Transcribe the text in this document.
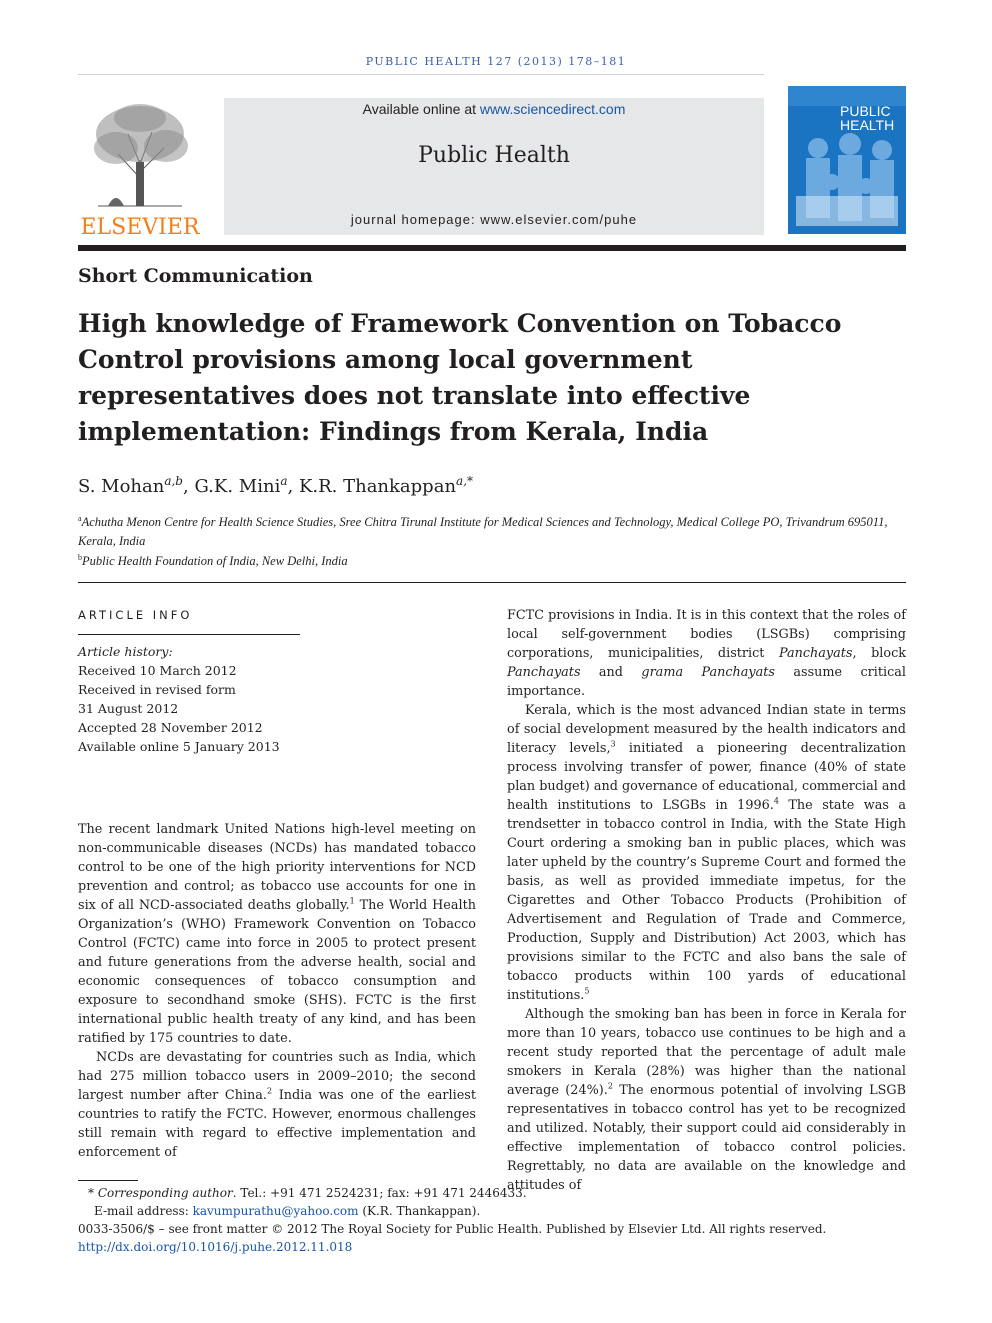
PUBLIC HEALTH 127 (2013) 178–181
ELSEVIER
Available online at www.sciencedirect.com
Public Health
journal homepage: www.elsevier.com/puhe
PUBLIC
HEALTH
Short Communication
High knowledge of Framework Convention on Tobacco Control provisions among local government representatives does not translate into effective implementation: Findings from Kerala, India
S. Mohan$^{a,b}$, G.K. Mini$^a$, K.R. Thankappan$^{a,*}$
$^a$Achutha Menon Centre for Health Science Studies, Sree Chitra Tirunal Institute for Medical Sciences and Technology, Medical College PO, Trivandrum 695011, Kerala, India
$^b$Public Health Foundation of India, New Delhi, India
ARTICLE INFO
Article history:
Received 10 March 2012
Received in revised form
31 August 2012
Accepted 28 November 2012
Available online 5 January 2013

The recent landmark United Nations high-level meeting on non-communicable diseases (NCDs) has mandated tobacco control to be one of the high priority interventions for NCD prevention and control; as tobacco use accounts for one in six of all NCD-associated deaths globally.$^1$ The World Health Organization’s (WHO) Framework Convention on Tobacco Control (FCTC) came into force in 2005 to protect present and future generations from the adverse health, social and economic consequences of tobacco consumption and exposure to secondhand smoke (SHS). FCTC is the first international public health treaty of any kind, and has been ratified by 175 countries to date.

NCDs are devastating for countries such as India, which had 275 million tobacco users in 2009–2010; the second largest number after China.$^2$ India was one of the earliest countries to ratify the FCTC. However, enormous challenges still remain with regard to effective implementation and enforcement of

FCTC provisions in India. It is in this context that the roles of local self-government bodies (LSGBs) comprising corporations, municipalities, district Panchayats, block Panchayats and grama Panchayats assume critical importance.

Kerala, which is the most advanced Indian state in terms of social development measured by the health indicators and literacy levels,$^3$ initiated a pioneering decentralization process involving transfer of power, finance (40% of state plan budget) and governance of educational, commercial and health institutions to LSGBs in 1996.$^4$ The state was a trendsetter in tobacco control in India, with the State High Court ordering a smoking ban in public places, which was later upheld by the country’s Supreme Court and formed the basis, as well as provided immediate impetus, for the Cigarettes and Other Tobacco Products (Prohibition of Advertisement and Regulation of Trade and Commerce, Production, Supply and Distribution) Act 2003, which has provisions similar to the FCTC and also bans the sale of tobacco products within 100 yards of educational institutions.$^5$

Although the smoking ban has been in force in Kerala for more than 10 years, tobacco use continues to be high and a recent study reported that the percentage of adult male smokers in Kerala (28%) was higher than the national average (24%).$^2$ The enormous potential of involving LSGB representatives in tobacco control has yet to be recognized and utilized. Notably, their support could aid considerably in effective implementation of tobacco control policies. Regrettably, no data are available on the knowledge and attitudes of

* Corresponding author. Tel.: +91 471 2524231; fax: +91 471 2446433.
E-mail address: kavumpurathu@yahoo.com (K.R. Thankappan).
0033-3506/$ – see front matter © 2012 The Royal Society for Public Health. Published by Elsevier Ltd. All rights reserved.
http://dx.doi.org/10.1016/j.puhe.2012.11.018
